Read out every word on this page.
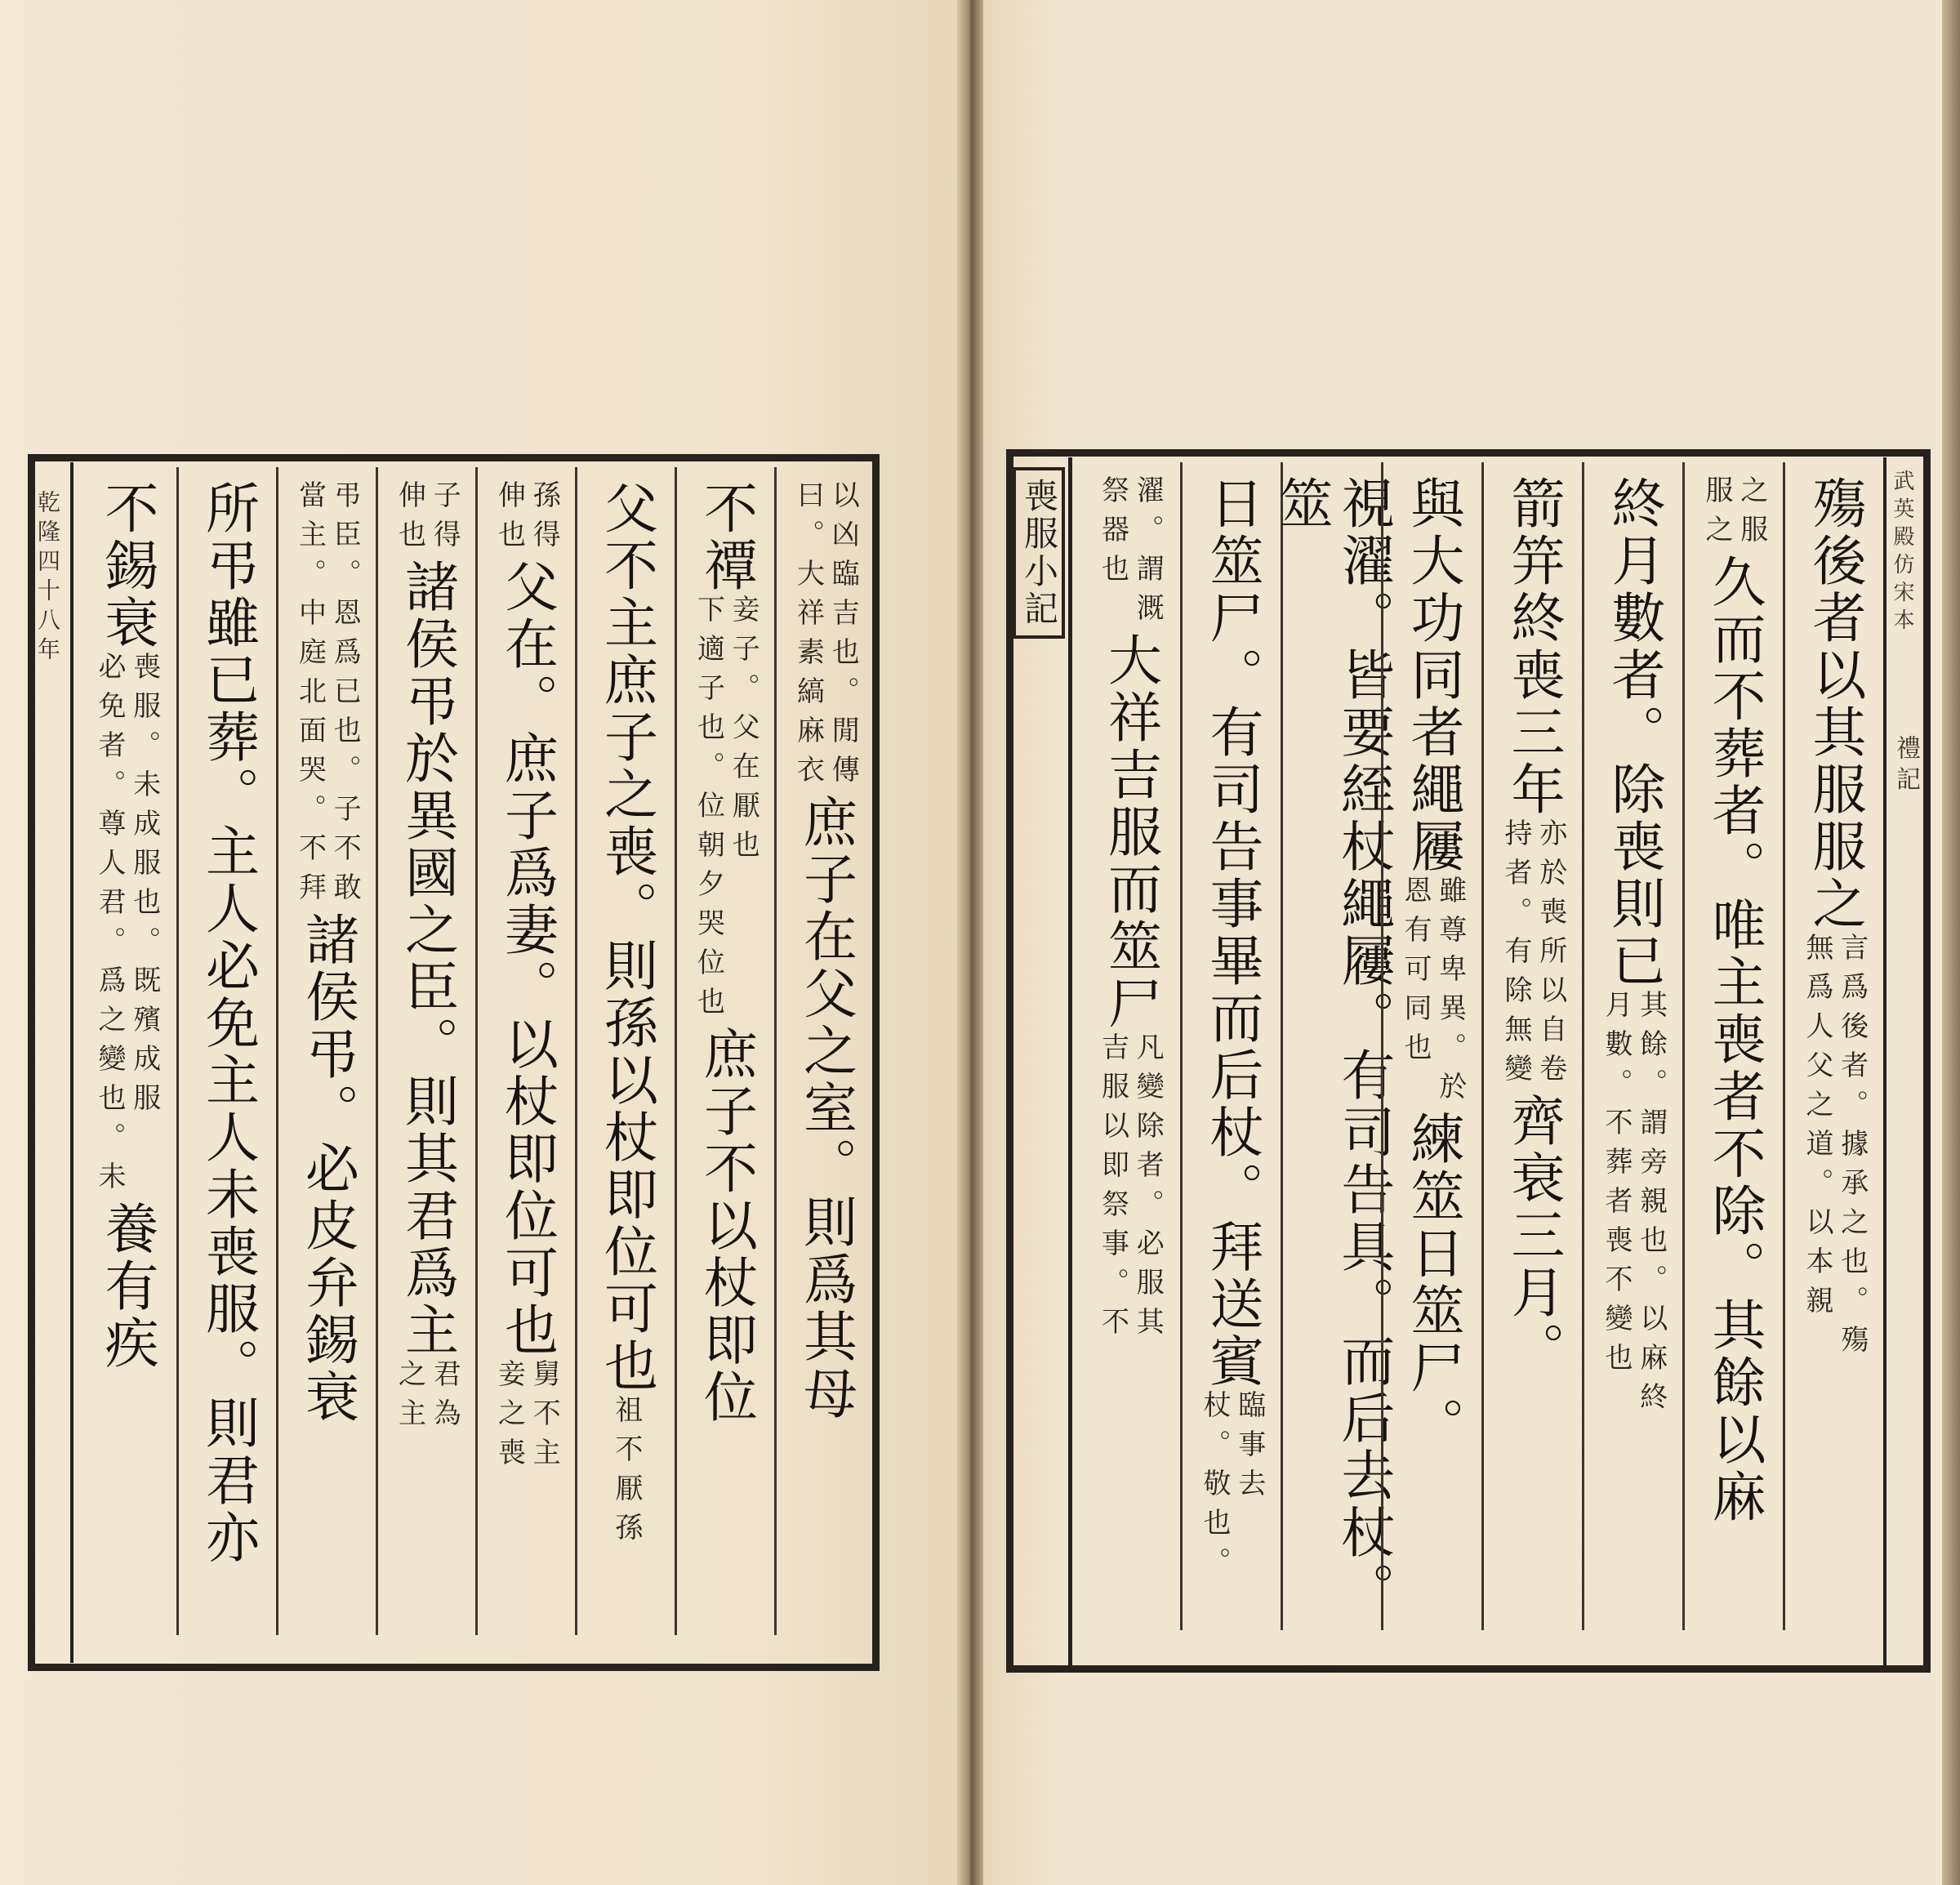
乾隆四十八年	以凶臨吉也。閒傳
曰。大祥素縞麻衣
庶子在父之室。則爲其母
不禫
妾子。父在厭也
下適子也。位朝夕哭位也
庶子不以杖即位
父不主庶子之喪。則孫以杖即位可也
祖不厭孫
孫得
伸也
父在。庶子爲妻。以杖即位可也
舅不主
妾之喪
子得
伸也
諸侯弔於異國之臣。則其君爲主
君為
之主
弔臣。恩爲已也。子不敢
當主。中庭北面哭。不拜
諸侯弔。必皮弁錫衰
所弔雖已葬。主人必免主人未喪服。則君亦
不錫衰
喪服。未成服也。既殯成服
必免者。尊人君。爲之變也。未
養有疾
喪服小記	武英殿仿宋本
禮記
殤後者以其服服之
言爲後者。據承之也。殤
無爲人父之道。以本親
之服
服之
久而不葬者。唯主喪者不除。其餘以麻
終月數者。除喪則已
其餘。謂旁親也。以麻終
月數。不葬者喪不變也
箭笄終喪三年
亦於喪所以自卷
持者。有除無變
齊衰三月。
與大功同者繩屨
雖尊卑異。於
恩有可同也
練筮日筮尸。
視濯。皆要絰杖繩屨。有司告具。而后去杖。筮
日筮尸。有司告事畢而后杖。拜送賓
臨事去
杖。敬也。
濯。謂溉
祭器也
大祥吉服而筮尸
凡變除者。必服其
吉服以即祭事。不
